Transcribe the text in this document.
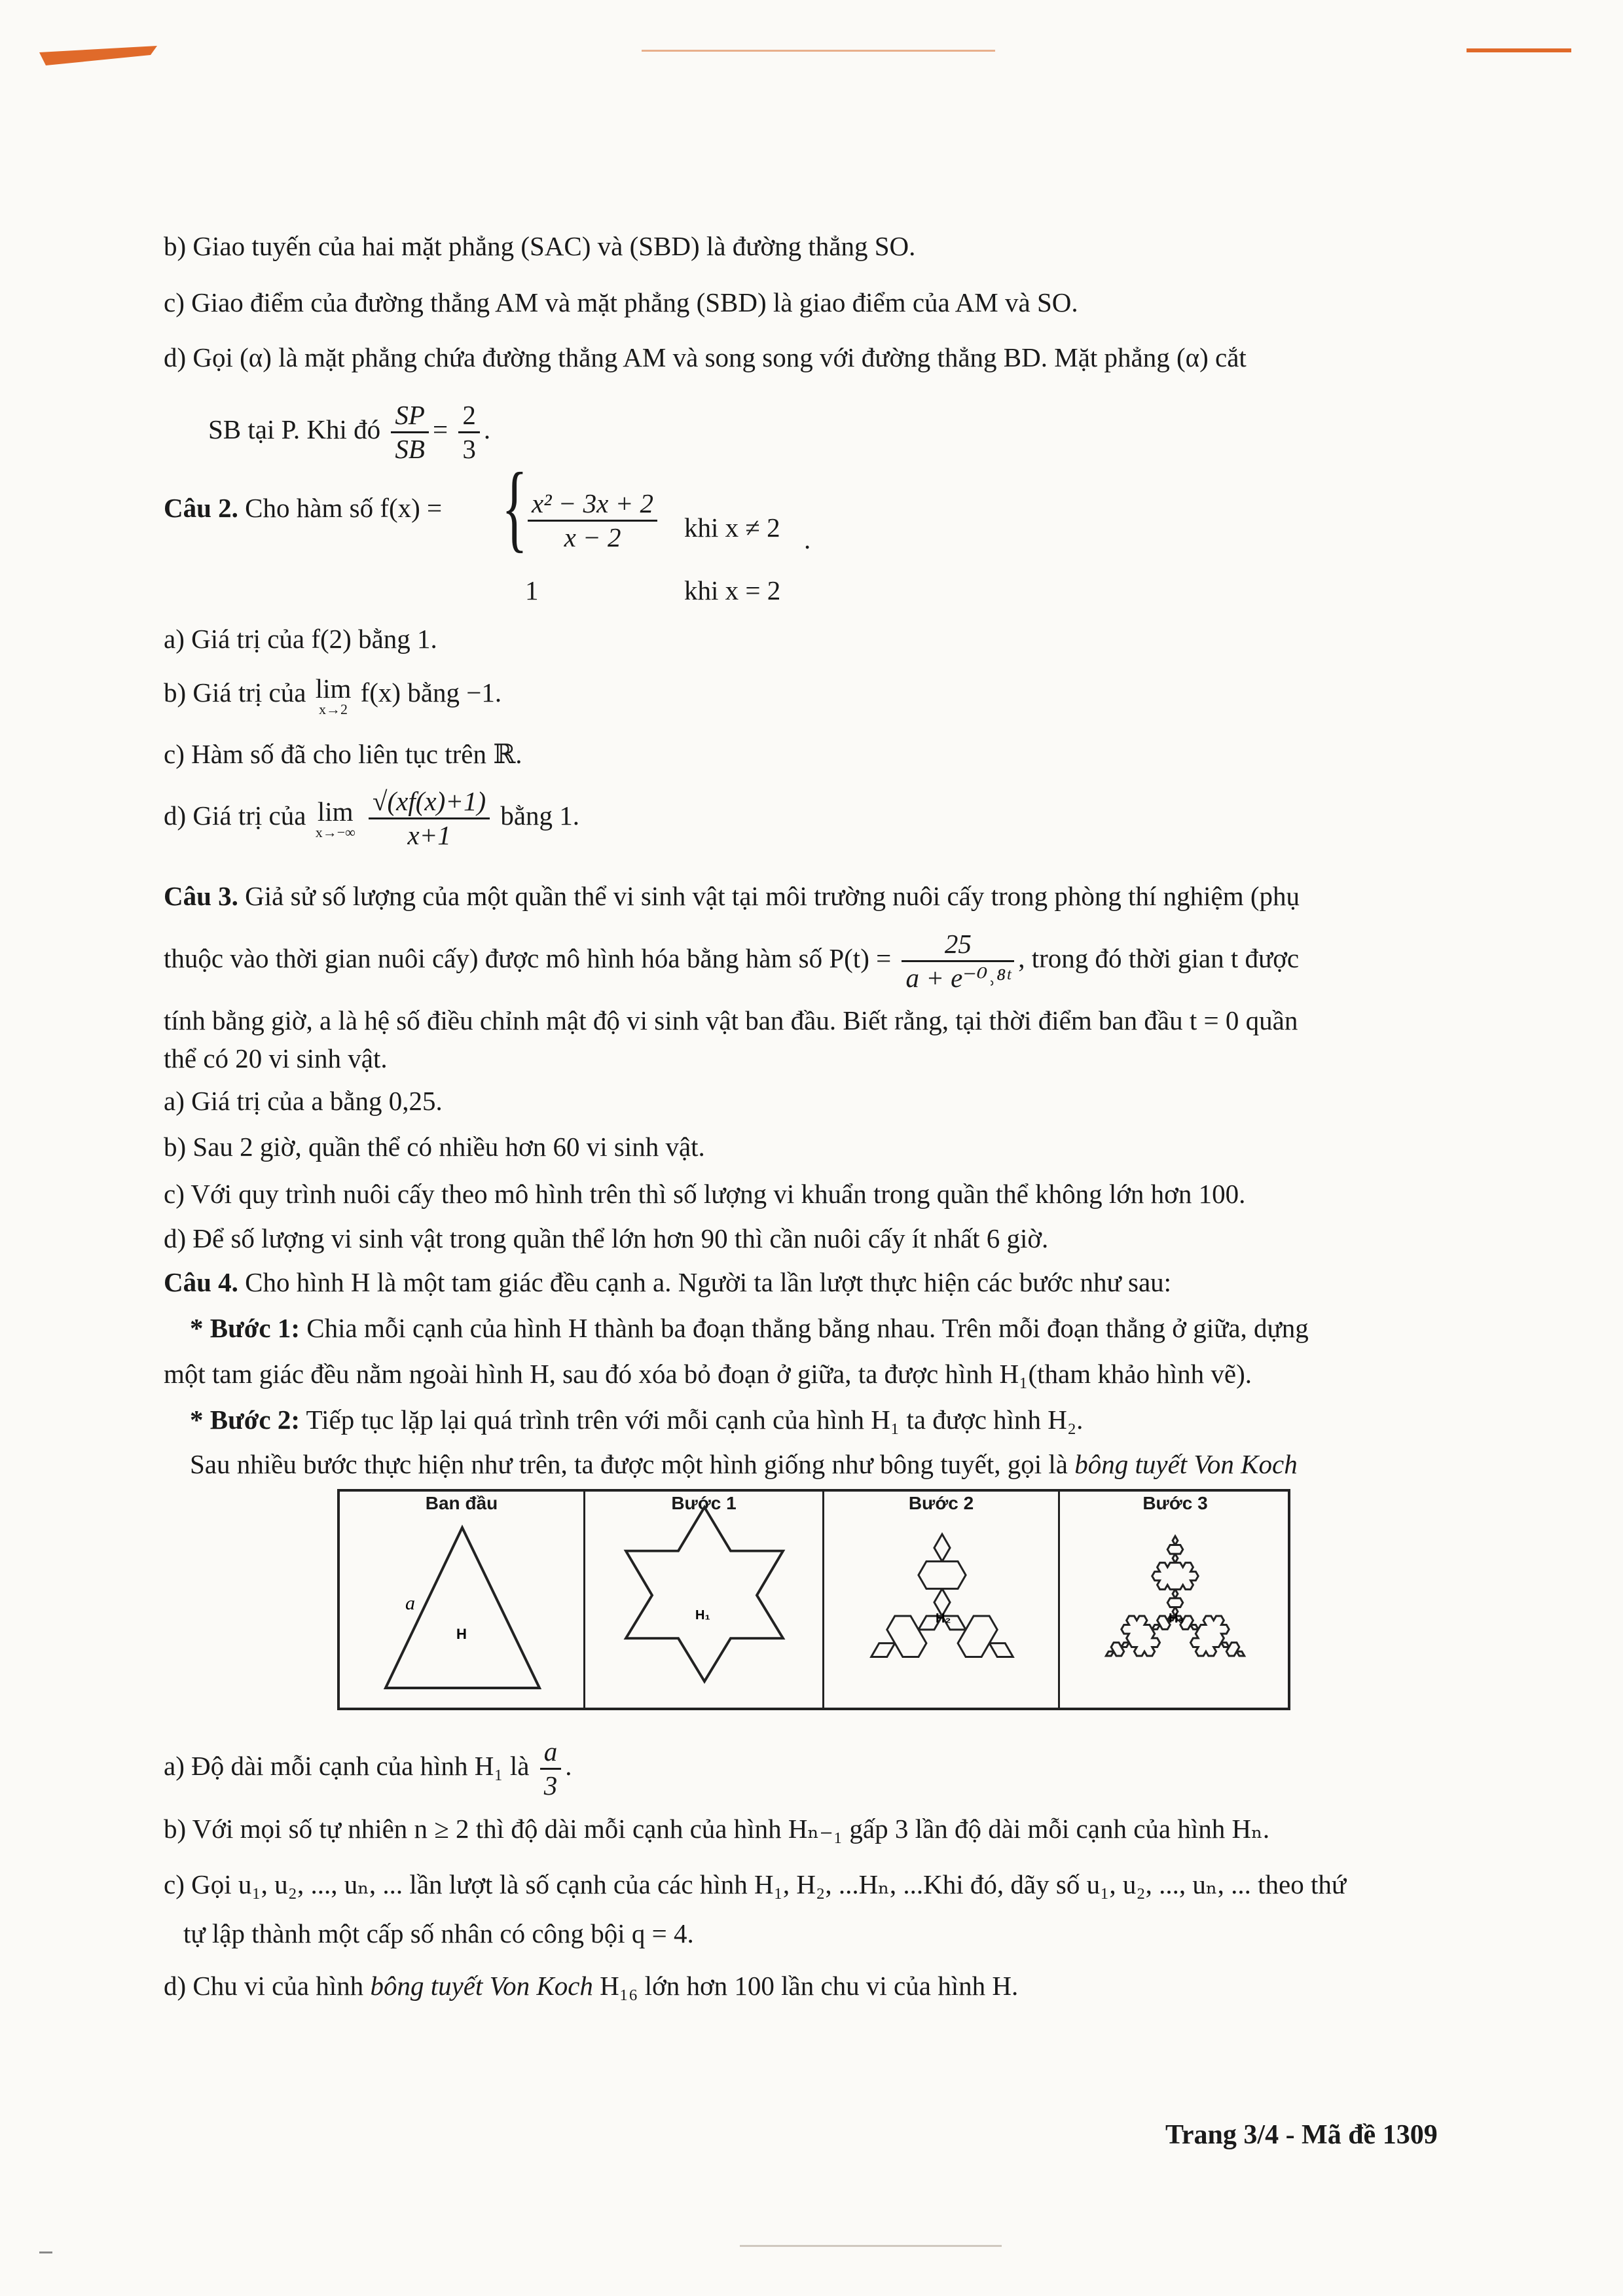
b) Giao tuyến của hai mặt phẳng (SAC) và (SBD) là đường thẳng SO.
c) Giao điểm của đường thẳng AM và mặt phẳng (SBD) là giao điểm của AM và SO.
d) Gọi (α) là mặt phẳng chứa đường thẳng AM và song song với đường thẳng BD. Mặt phẳng (α) cắt
SB tại P. Khi đó $\frac{SP}{SB} = \frac{2}{3}$ .
Câu 2. Cho hàm số f(x) = { $\frac{\text{x² − 3x + 2}}{x - 2}$ khi x ≠ 2
1	khi x = 2
.
a) Giá trị của f(2) bằng 1.
b) Giá trị của lim
x→2
f(x) bằng −1.
c) Hàm số đã cho liên tục trên ℝ.
d) Giá trị của lim
x→−∞
$\frac{√(xf(x)+1)}{x+1}$ bằng 1.
Câu 3. Giả sử số lượng của một quần thể vi sinh vật tại môi trường nuôi cấy trong phòng thí nghiệm (phụ
thuộc vào thời gian nuôi cấy) được mô hình hóa bằng hàm số $P(t) = \frac{25}{\text{a + e⁻⁰˒⁸ᵗ}}$ , trong đó thời gian t được
tính bằng giờ, a là hệ số điều chỉnh mật độ vi sinh vật ban đầu. Biết rằng, tại thời điểm ban đầu t = 0 quần
thể có 20 vi sinh vật.
a) Giá trị của a bằng 0,25.
b) Sau 2 giờ, quần thể có nhiều hơn 60 vi sinh vật.
c) Với quy trình nuôi cấy theo mô hình trên thì số lượng vi khuẩn trong quần thể không lớn hơn 100.
d) Để số lượng vi sinh vật trong quần thể lớn hơn 90 thì cần nuôi cấy ít nhất 6 giờ.
Câu 4. Cho hình H là một tam giác đều cạnh a. Người ta lần lượt thực hiện các bước như sau:
* Bước 1: Chia mỗi cạnh của hình H thành ba đoạn thẳng bằng nhau. Trên mỗi đoạn thẳng ở giữa, dựng
một tam giác đều nằm ngoài hình H, sau đó xóa bỏ đoạn ở giữa, ta được hình H₁(tham khảo hình vẽ).
* Bước 2: Tiếp tục lặp lại quá trình trên với mỗi cạnh của hình H₁ ta được hình H₂.
Sau nhiều bước thực hiện như trên, ta được một hình giống như bông tuyết, gọi là bông tuyết Von Koch
Ban đầu
a
H
Bước 1
H₁
Bước 2
H₂
Bước 3
H₃
a) Độ dài mỗi cạnh của hình H₁ là $\frac{a}{3}$ .
b) Với mọi số tự nhiên n ≥ 2 thì độ dài mỗi cạnh của hình Hₙ₋₁ gấp 3 lần độ dài mỗi cạnh của hình Hₙ.
c) Gọi u₁, u₂, ..., uₙ, ... lần lượt là số cạnh của các hình H₁, H₂, ...Hₙ, ...Khi đó, dãy số u₁, u₂, ..., uₙ, ... theo thứ
tự lập thành một cấp số nhân có công bội q = 4.
d) Chu vi của hình bông tuyết Von Koch H₁₆ lớn hơn 100 lần chu vi của hình H.
Trang 3/4 - Mã đề 1309
